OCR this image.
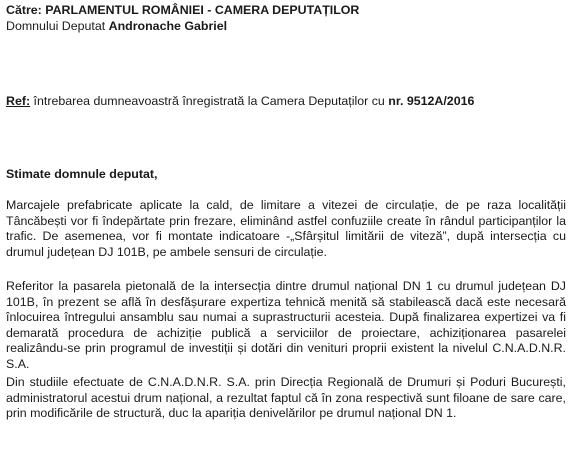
Către: PARLAMENTUL ROMÂNIEI - CAMERA DEPUTAȚILOR
Domnului Deputat Andronache Gabriel
Ref: întrebarea dumneavoastră înregistrată la Camera Deputaților cu nr. 9512A/2016
Stimate domnule deputat,

Marcajele prefabricate aplicate la cald, de limitare a vitezei de circulație, de pe raza localității Tâncăbești vor fi îndepărtate prin frezare, eliminând astfel confuziile create în rândul participanților la trafic. De asemenea, vor fi montate indicatoare -„Sfârșitul limitării de viteză”, după intersecția cu drumul județean DJ 101B, pe ambele sensuri de circulație.

Referitor la pasarela pietonală de la intersecția dintre drumul național DN 1 cu drumul județean DJ 101B, în prezent se află în desfășurare expertiza tehnică menită să stabilească dacă este necesară înlocuirea întregului ansamblu sau numai a suprastructurii acesteia. După finalizarea expertizei va fi demarată procedura de achiziție publică a serviciilor de proiectare, achiziționarea pasarelei realizându-se prin programul de investiții și dotări din venituri proprii existent la nivelul C.N.A.D.N.R. S.A.

Din studiile efectuate de C.N.A.D.N.R. S.A. prin Direcția Regională de Drumuri și Poduri București, administratorul acestui drum național, a rezultat faptul că în zona respectivă sunt filoane de sare care, prin modificările de structură, duc la apariția denivelărilor pe drumul național DN 1.
